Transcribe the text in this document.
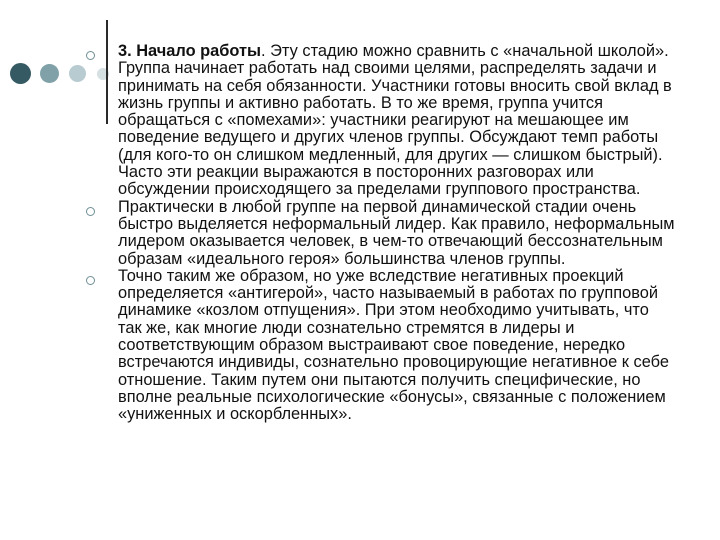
3. Начало работы. Эту стадию можно сравнить с «начальной школой». Группа начинает работать над своими целями, распределять задачи и принимать на себя обязанности. Участники готовы вносить свой вклад в жизнь группы и активно работать. В то же время, группа учится обращаться с «помехами»: участники реагируют на мешающее им поведение ведущего и других членов группы. Обсуждают темп работы (для кого-то он слишком медленный, для других — слишком быстрый). Часто эти реакции выражаются в посторонних разговорах или обсуждении происходящего за пределами группового пространства.

Практически в любой группе на первой динамической стадии очень быстро выделяется неформальный лидер. Как правило, неформальным лидером оказывается человек, в чем-то отвечающий бессознательным образам «идеального героя» большинства членов группы.

Точно таким же образом, но уже вследствие негативных проекций определяется «антигерой», часто называемый в работах по групповой динамике «козлом отпущения». При этом необходимо учитывать, что так же, как многие люди сознательно стремятся в лидеры и соответствующим образом выстраивают свое поведение, нередко встречаются индивиды, сознательно провоцирующие негативное к себе отношение. Таким путем они пытаются получить специфические, но вполне реальные психологические «бонусы», связанные с положением «униженных и оскорбленных».
